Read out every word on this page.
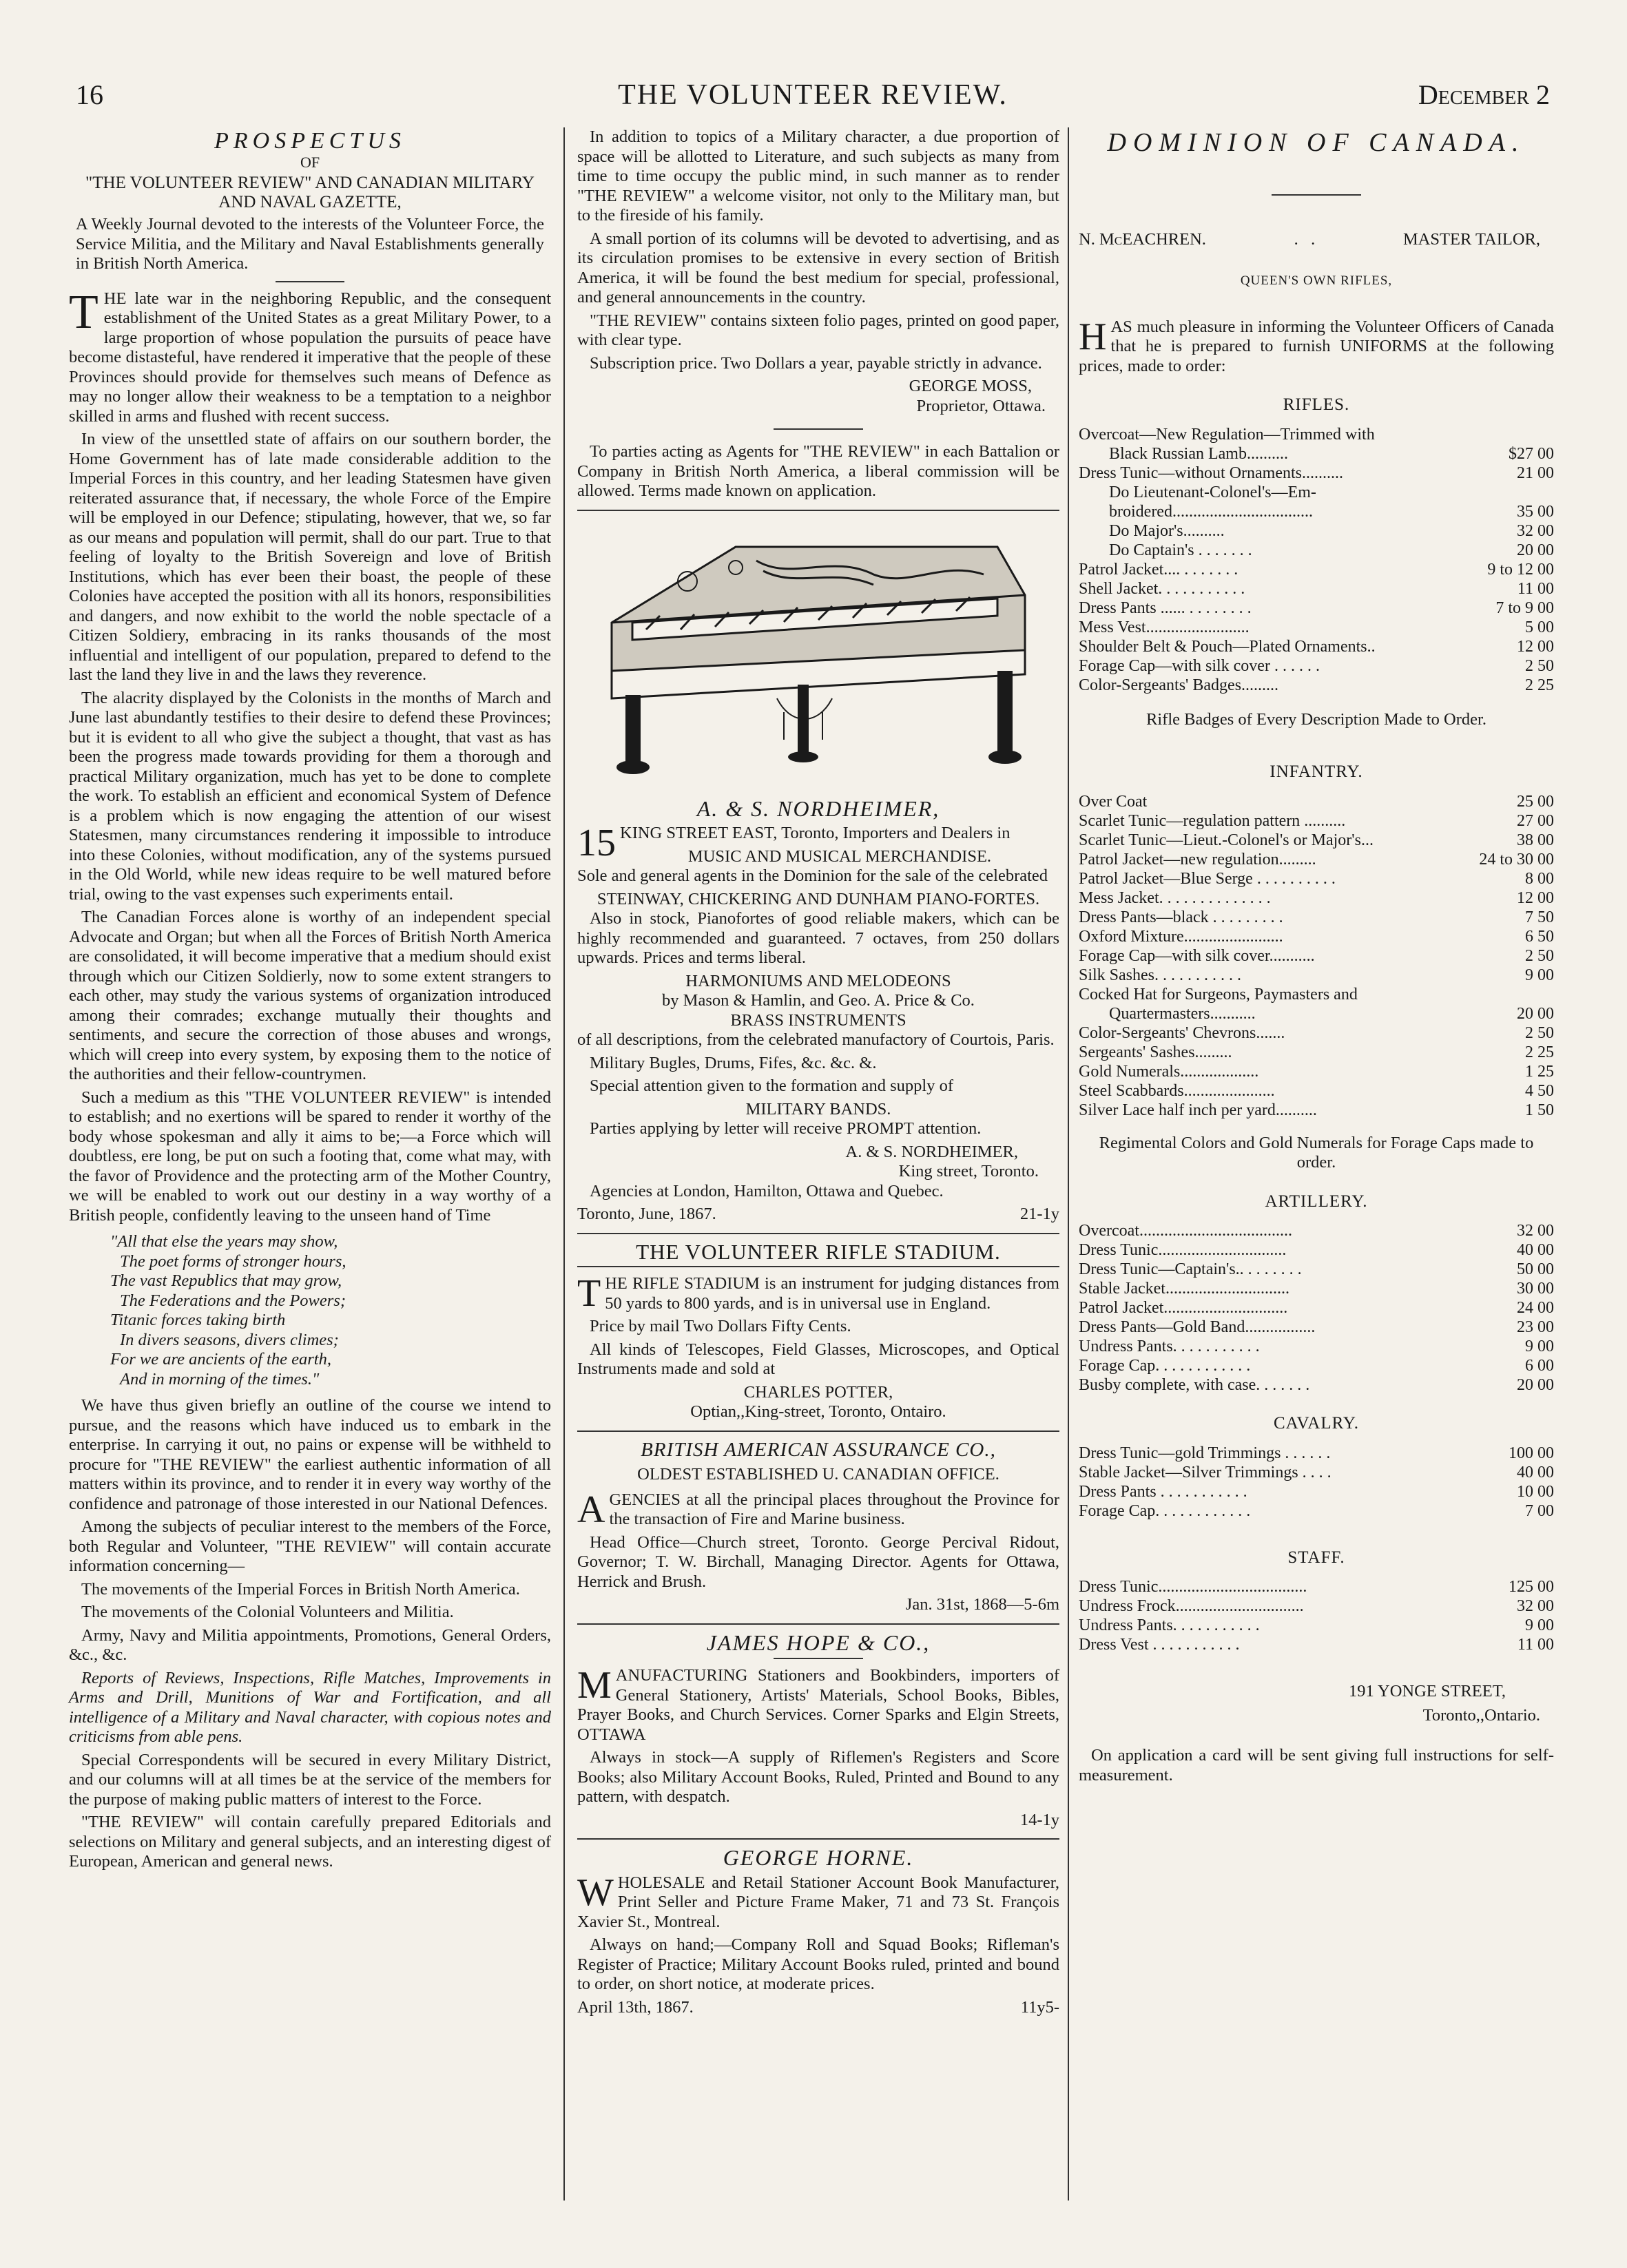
16	THE VOLUNTEER REVIEW.	December 2
PROSPECTUS
OF
"THE VOLUNTEER REVIEW" AND CANADIAN MILITARY AND NAVAL GAZETTE,

A Weekly Journal devoted to the interests of the Volunteer Force, the Service Militia, and the Military and Naval Establishments generally in British North America.

THE late war in the neighboring Republic, and the consequent establishment of the United States as a great Military Power, to a large proportion of whose population the pursuits of peace have become distasteful, have rendered it imperative that the people of these Provinces should provide for themselves such means of Defence as may no longer allow their weakness to be a temptation to a neighbor skilled in arms and flushed with recent success.

In view of the unsettled state of affairs on our southern border, the Home Government has of late made considerable addition to the Imperial Forces in this country, and her leading Statesmen have given reiterated assurance that, if necessary, the whole Force of the Empire will be employed in our Defence; stipulating, however, that we, so far as our means and population will permit, shall do our part. True to that feeling of loyalty to the British Sovereign and love of British Institutions, which has ever been their boast, the people of these Colonies have accepted the position with all its honors, responsibilities and dangers, and now exhibit to the world the noble spectacle of a Citizen Soldiery, embracing in its ranks thousands of the most influential and intelligent of our population, prepared to defend to the last the land they live in and the laws they reverence.

The alacrity displayed by the Colonists in the months of March and June last abundantly testifies to their desire to defend these Provinces; but it is evident to all who give the subject a thought, that vast as has been the progress made towards providing for them a thorough and practical Military organization, much has yet to be done to complete the work. To establish an efficient and economical System of Defence is a problem which is now engaging the attention of our wisest Statesmen, many circumstances rendering it impossible to introduce into these Colonies, without modification, any of the systems pursued in the Old World, while new ideas require to be well matured before trial, owing to the vast expenses such experiments entail.

The Canadian Forces alone is worthy of an independent special Advocate and Organ; but when all the Forces of British North America are consolidated, it will become imperative that a medium should exist through which our Citizen Soldierly, now to some extent strangers to each other, may study the various systems of organization introduced among their comrades; exchange mutually their thoughts and sentiments, and secure the correction of those abuses and wrongs, which will creep into every system, by exposing them to the notice of the authorities and their fellow-countrymen.

Such a medium as this "THE VOLUNTEER REVIEW" is intended to establish; and no exertions will be spared to render it worthy of the body whose spokesman and ally it aims to be;—a Force which will doubtless, ere long, be put on such a footing that, come what may, with the favor of Providence and the protecting arm of the Mother Country, we will be enabled to work out our destiny in a way worthy of a British people, confidently leaving to the unseen hand of Time

"All that else the years may show,
The poet forms of stronger hours,
The vast Republics that may grow,
The Federations and the Powers;
Titanic forces taking birth
In divers seasons, divers climes;
For we are ancients of the earth,
And in morning of the times."

We have thus given briefly an outline of the course we intend to pursue, and the reasons which have induced us to embark in the enterprise. In carrying it out, no pains or expense will be withheld to procure for "THE REVIEW" the earliest authentic information of all matters within its province, and to render it in every way worthy of the confidence and patronage of those interested in our National Defences.

Among the subjects of peculiar interest to the members of the Force, both Regular and Volunteer, "THE REVIEW" will contain accurate information concerning—

The movements of the Imperial Forces in British North America.

The movements of the Colonial Volunteers and Militia.

Army, Navy and Militia appointments, Promotions, General Orders, &c., &c.

Reports of Reviews, Inspections, Rifle Matches, Improvements in Arms and Drill, Munitions of War and Fortification, and all intelligence of a Military and Naval character, with copious notes and criticisms from able pens.

Special Correspondents will be secured in every Military District, and our columns will at all times be at the service of the members for the purpose of making public matters of interest to the Force.

"THE REVIEW" will contain carefully prepared Editorials and selections on Military and general subjects, and an interesting digest of European, American and general news.

In addition to topics of a Military character, a due proportion of space will be allotted to Literature, and such subjects as many from time to time occupy the public mind, in such manner as to render "THE REVIEW" a welcome visitor, not only to the Military man, but to the fireside of his family.

A small portion of its columns will be devoted to advertising, and as its circulation promises to be extensive in every section of British America, it will be found the best medium for special, professional, and general announcements in the country.

"THE REVIEW" contains sixteen folio pages, printed on good paper, with clear type.

Subscription price. Two Dollars a year, payable strictly in advance.

GEORGE MOSS,
Proprietor, Ottawa.

To parties acting as Agents for "THE REVIEW" in each Battalion or Company in British North America, a liberal commission will be allowed. Terms made known on application.

A. & S. NORDHEIMER,

15 KING STREET EAST, Toronto, Importers and Dealers in

MUSIC AND MUSICAL MERCHANDISE.

Sole and general agents in the Dominion for the sale of the celebrated

STEINWAY, CHICKERING AND DUNHAM PIANO-FORTES.

Also in stock, Pianofortes of good reliable makers, which can be highly recommended and guaranteed. 7 octaves, from 250 dollars upwards. Prices and terms liberal.

HARMONIUMS AND MELODEONS
by Mason & Hamlin, and Geo. A. Price & Co.
BRASS INSTRUMENTS

of all descriptions, from the celebrated manufactory of Courtois, Paris.

Military Bugles, Drums, Fifes, &c. &c. &.

Special attention given to the formation and supply of

MILITARY BANDS.

Parties applying by letter will receive PROMPT attention.

A. & S. NORDHEIMER,
King street, Toronto.

Agencies at London, Hamilton, Ottawa and Quebec.

Toronto, June, 1867.	21-1y
THE VOLUNTEER RIFLE STADIUM.

THE RIFLE STADIUM is an instrument for judging distances from 50 yards to 800 yards, and is in universal use in England.

Price by mail Two Dollars Fifty Cents.

All kinds of Telescopes, Field Glasses, Microscopes, and Optical Instruments made and sold at

CHARLES POTTER,
Optian,,King-street, Toronto, Ontairo.
BRITISH AMERICAN ASSURANCE CO.,
OLDEST ESTABLISHED U. CANADIAN OFFICE.

AGENCIES at all the principal places throughout the Province for the transaction of Fire and Marine business.

Head Office—Church street, Toronto. George Percival Ridout, Governor; T. W. Birchall, Managing Director. Agents for Ottawa, Herrick and Brush.

Jan. 31st, 1868—5-6m
JAMES HOPE & CO.,

MANUFACTURING Stationers and Bookbinders, importers of General Stationery, Artists' Materials, School Books, Bibles, Prayer Books, and Church Services. Corner Sparks and Elgin Streets, OTTAWA

Always in stock—A supply of Riflemen's Registers and Score Books; also Military Account Books, Ruled, Printed and Bound to any pattern, with despatch.

14-1y
GEORGE HORNE.

WHOLESALE and Retail Stationer Account Book Manufacturer, Print Seller and Picture Frame Maker, 71 and 73 St. François Xavier St., Montreal.

Always on hand;—Company Roll and Squad Books; Rifleman's Register of Practice; Military Account Books ruled, printed and bound to order, on short notice, at moderate prices.

April 13th, 1867.	11y5-
DOMINION OF CANADA.
N. McEACHREN.	.   .	MASTER TAILOR,
QUEEN'S OWN RIFLES,

HAS much pleasure in informing the Volunteer Officers of Canada that he is prepared to furnish UNIFORMS at the following prices, made to order:

RIFLES.
Overcoat—New Regulation—Trimmed with	
Black Russian Lamb..........	$27 00
Dress Tunic—without Ornaments..........	21 00
Do Lieutenant-Colonel's—Em-	
broidered..................................	35 00
Do Major's..........	32 00
Do Captain's . . . . . . .	20 00
Patrol Jacket.... . . . . . . .	9 to 12 00
Shell Jacket. . . . . . . . . . .	11 00
Dress Pants ...... . . . . . . . .	7 to 9 00
Mess Vest.........................	5 00
Shoulder Belt & Pouch—Plated Ornaments..	12 00
Forage Cap—with silk cover . . . . . .	2 50
Color-Sergeants' Badges.........	2 25
Rifle Badges of Every Description Made to Order.
INFANTRY.
Over Coat	25 00
Scarlet Tunic—regulation pattern ..........	27 00
Scarlet Tunic—Lieut.-Colonel's or Major's...	38 00
Patrol Jacket—new regulation.........	24 to 30 00
Patrol Jacket—Blue Serge . . . . . . . . . .	8 00
Mess Jacket. . . . . . . . . . . . . .	12 00
Dress Pants—black . . . . . . . . .	7 50
Oxford Mixture........................	6 50
Forage Cap—with silk cover...........	2 50
Silk Sashes. . . . . . . . . . .	9 00
Cocked Hat for Surgeons, Paymasters and	
Quartermasters...........	20 00
Color-Sergeants' Chevrons.......	2 50
Sergeants' Sashes.........	2 25
Gold Numerals...................	1 25
Steel Scabbards......................	4 50
Silver Lace half inch per yard..........	1 50
Regimental Colors and Gold Numerals for Forage Caps made to order.
ARTILLERY.
Overcoat.....................................	32 00
Dress Tunic...............................	40 00
Dress Tunic—Captain's.. . . . . . . .	50 00
Stable Jacket..............................	30 00
Patrol Jacket..............................	24 00
Dress Pants—Gold Band.................	23 00
Undress Pants. . . . . . . . . . .	9 00
Forage Cap. . . . . . . . . . . .	6 00
Busby complete, with case. . . . . . .	20 00
CAVALRY.
Dress Tunic—gold Trimmings . . . . . .	100 00
Stable Jacket—Silver Trimmings . . . .	40 00
Dress Pants . . . . . . . . . . .	10 00
Forage Cap. . . . . . . . . . . .	7 00
STAFF.
Dress Tunic....................................	125 00
Undress Frock...............................	32 00
Undress Pants. . . . . . . . . . .	9 00
Dress Vest . . . . . . . . . . .	11 00
191 YONGE STREET,
Toronto,,Ontario.

On application a card will be sent giving full instructions for self-measurement.
